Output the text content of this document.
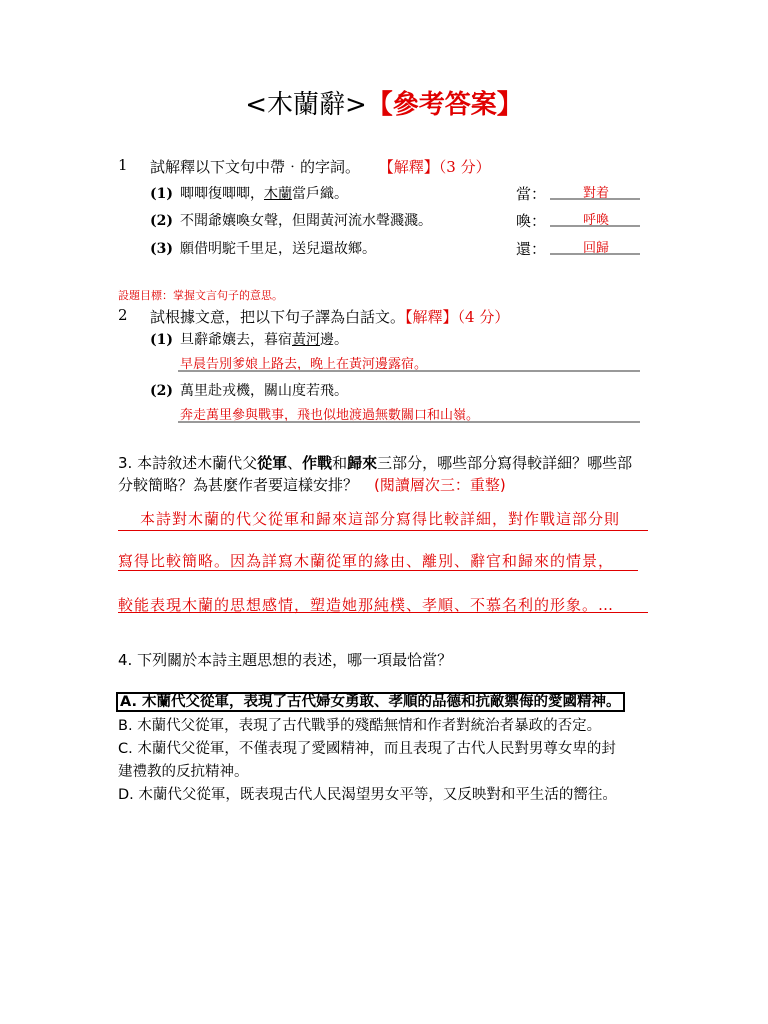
<木蘭辭>【參考答案】
1 試解釋以下文句中帶‧的字詞。 【解釋】（3 分）
(1) 唧唧復唧唧，木蘭當戶織。	當：	對着
(2) 不聞爺孃喚女聲，但聞黃河流水聲濺濺。	喚：	呼喚
(3) 願借明駝千里足，送兒還故鄉。	還：	回歸
設題目標：掌握文言句子的意思。
2 試根據文意，把以下句子譯為白話文。【解釋】（4 分）
(1) 旦辭爺孃去，暮宿黃河邊。
早晨告別爹娘上路去，晚上在黃河邊露宿。
(2) 萬里赴戎機，關山度若飛。
奔走萬里參與戰事，飛也似地渡過無數關口和山嶺。
3. 本詩敘述木蘭代父從軍、作戰和歸來三部分，哪些部分寫得較詳細？哪些部
分較簡略？為甚麼作者要這樣安排？ (閱讀層次三：重整)
本詩對木蘭的代父從軍和歸來這部分寫得比較詳細，對作戰這部分則
寫得比較簡略。因為詳寫木蘭從軍的緣由、離別、辭官和歸來的情景，
較能表現木蘭的思想感情，塑造她那純樸、孝順、不慕名利的形象。…
4. 下列關於本詩主題思想的表述，哪一項最恰當？
A. 木蘭代父從軍，表現了古代婦女勇敢、孝順的品德和抗敵禦侮的愛國精神。
B. 木蘭代父從軍，表現了古代戰爭的殘酷無情和作者對統治者暴政的否定。
C. 木蘭代父從軍，不僅表現了愛國精神，而且表現了古代人民對男尊女卑的封
建禮教的反抗精神。
D. 木蘭代父從軍，既表現古代人民渴望男女平等，又反映對和平生活的嚮往。
